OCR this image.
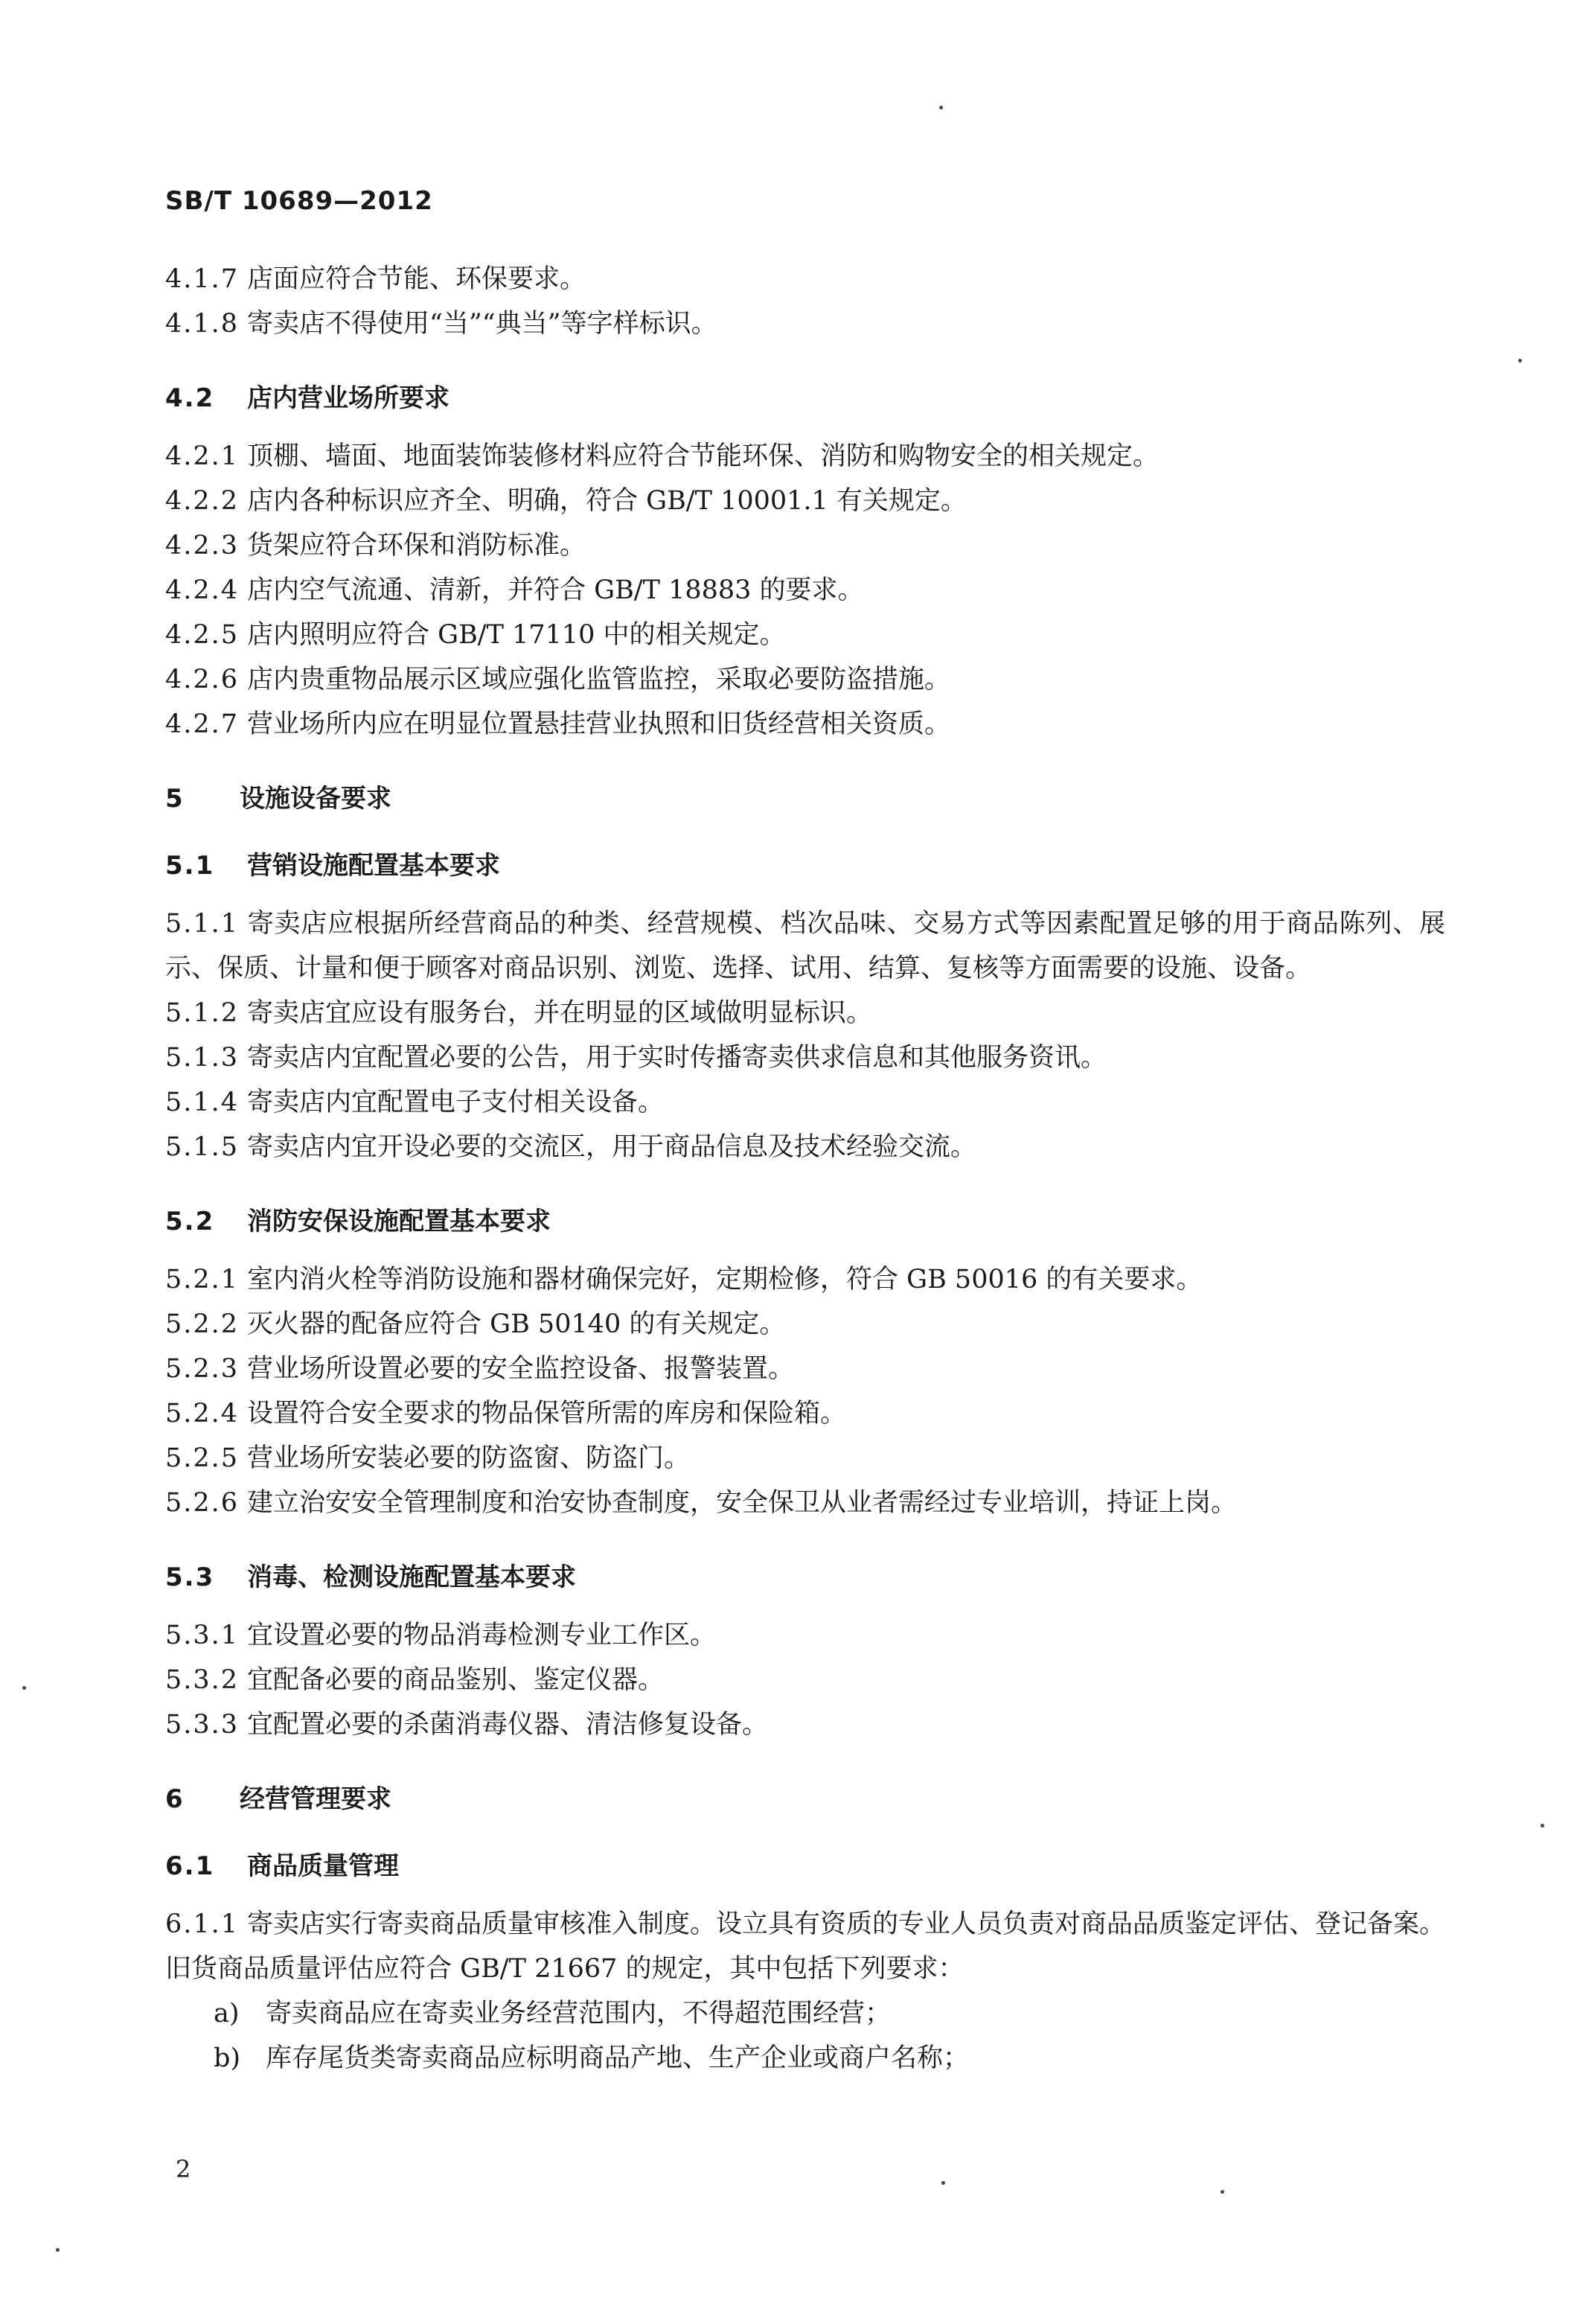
SB/T 10689—2012
4.1.7 店面应符合节能、环保要求。
4.1.8 寄卖店不得使用“当”“典当”等字样标识。
4.2 店内营业场所要求
4.2.1 顶棚、墙面、地面装饰装修材料应符合节能环保、消防和购物安全的相关规定。
4.2.2 店内各种标识应齐全、明确，符合 GB/T 10001.1 有关规定。
4.2.3 货架应符合环保和消防标准。
4.2.4 店内空气流通、清新，并符合 GB/T 18883 的要求。
4.2.5 店内照明应符合 GB/T 17110 中的相关规定。
4.2.6 店内贵重物品展示区域应强化监管监控，采取必要防盗措施。
4.2.7 营业场所内应在明显位置悬挂营业执照和旧货经营相关资质。
5 设施设备要求
5.1 营销设施配置基本要求
5.1.1 寄卖店应根据所经营商品的种类、经营规模、档次品味、交易方式等因素配置足够的用于商品陈列、展示、保质、计量和便于顾客对商品识别、浏览、选择、试用、结算、复核等方面需要的设施、设备。
5.1.2 寄卖店宜应设有服务台，并在明显的区域做明显标识。
5.1.3 寄卖店内宜配置必要的公告，用于实时传播寄卖供求信息和其他服务资讯。
5.1.4 寄卖店内宜配置电子支付相关设备。
5.1.5 寄卖店内宜开设必要的交流区，用于商品信息及技术经验交流。
5.2 消防安保设施配置基本要求
5.2.1 室内消火栓等消防设施和器材确保完好，定期检修，符合 GB 50016 的有关要求。
5.2.2 灭火器的配备应符合 GB 50140 的有关规定。
5.2.3 营业场所设置必要的安全监控设备、报警装置。
5.2.4 设置符合安全要求的物品保管所需的库房和保险箱。
5.2.5 营业场所安装必要的防盗窗、防盗门。
5.2.6 建立治安安全管理制度和治安协查制度，安全保卫从业者需经过专业培训，持证上岗。
5.3 消毒、检测设施配置基本要求
5.3.1 宜设置必要的物品消毒检测专业工作区。
5.3.2 宜配备必要的商品鉴别、鉴定仪器。
5.3.3 宜配置必要的杀菌消毒仪器、清洁修复设备。
6 经营管理要求
6.1 商品质量管理
6.1.1 寄卖店实行寄卖商品质量审核准入制度。设立具有资质的专业人员负责对商品品质鉴定评估、登记备案。旧货商品质量评估应符合 GB/T 21667 的规定，其中包括下列要求：
a) 寄卖商品应在寄卖业务经营范围内，不得超范围经营；
b) 库存尾货类寄卖商品应标明商品产地、生产企业或商户名称；
2
